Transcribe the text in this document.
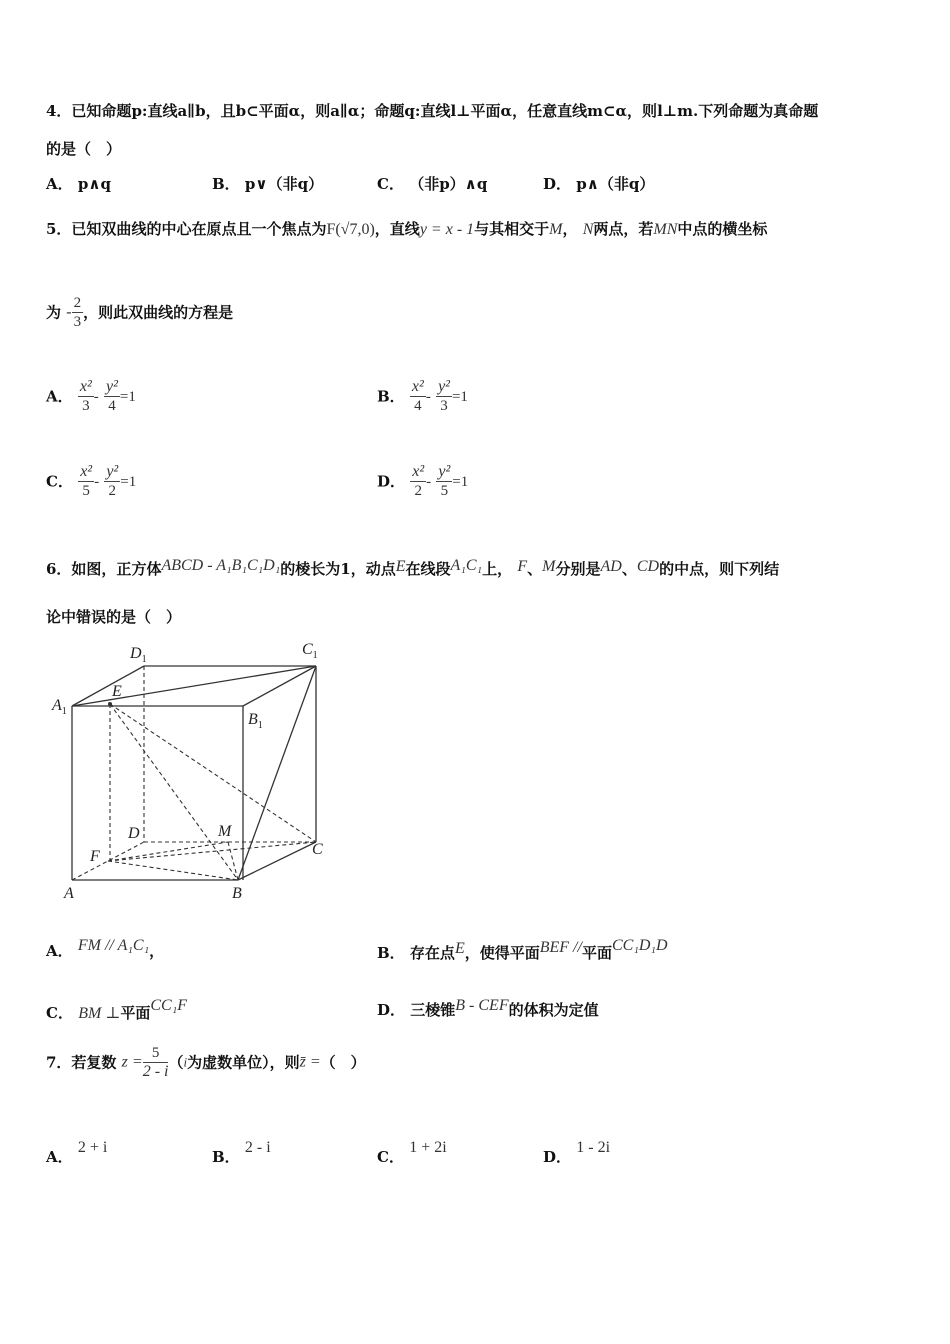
4．已知命题p:直线a∥b，且b⊂平面α，则a∥α；命题q:直线l⊥平面α，任意直线m⊂α，则l⊥m.下列命题为真命题
的是（　）
A． p∧q	B． p∨（非q）	C． （非p）∧q	D． p∧（非q）
5．已知双曲线的中心在原点且一个焦点为F(√7,0)，直线y = x - 1与其相交于M， N两点，若MN中点的横坐标
为 - $\frac{2}{3}$ ，则此双曲线的方程是
A． $\frac{\text{x²}}{3} - \frac{\text{y²}}{4} =1$	B． $\frac{\text{x²}}{4} - \frac{\text{y²}}{3} =1$
C． $\frac{\text{x²}}{5} - \frac{\text{y²}}{2} =1$	D． $\frac{\text{x²}}{2} - \frac{\text{y²}}{5} =1$
6．如图，正方体ABCD - A₁B₁C₁D₁的棱长为1，动点E在线段A₁C₁上， F、M分别是AD、CD的中点，则下列结
论中错误的是（　）
$D_1$
$C_1$
$A_1$
E
$B_1$
D	M
F	C
A	B
A． FM // A₁C₁，	B． 存在点E，使得平面BEF //平面CC₁D₁D
C． BM ⊥平面CC₁F	D． 三棱锥B - CEF的体积为定值
7．若复数 $z = \frac{5}{2 - i} (i$为虚数单位），则z̄ =（　）
A． 2 + i
B． 2 - i
C． 1 + 2i
D． 1 - 2i
